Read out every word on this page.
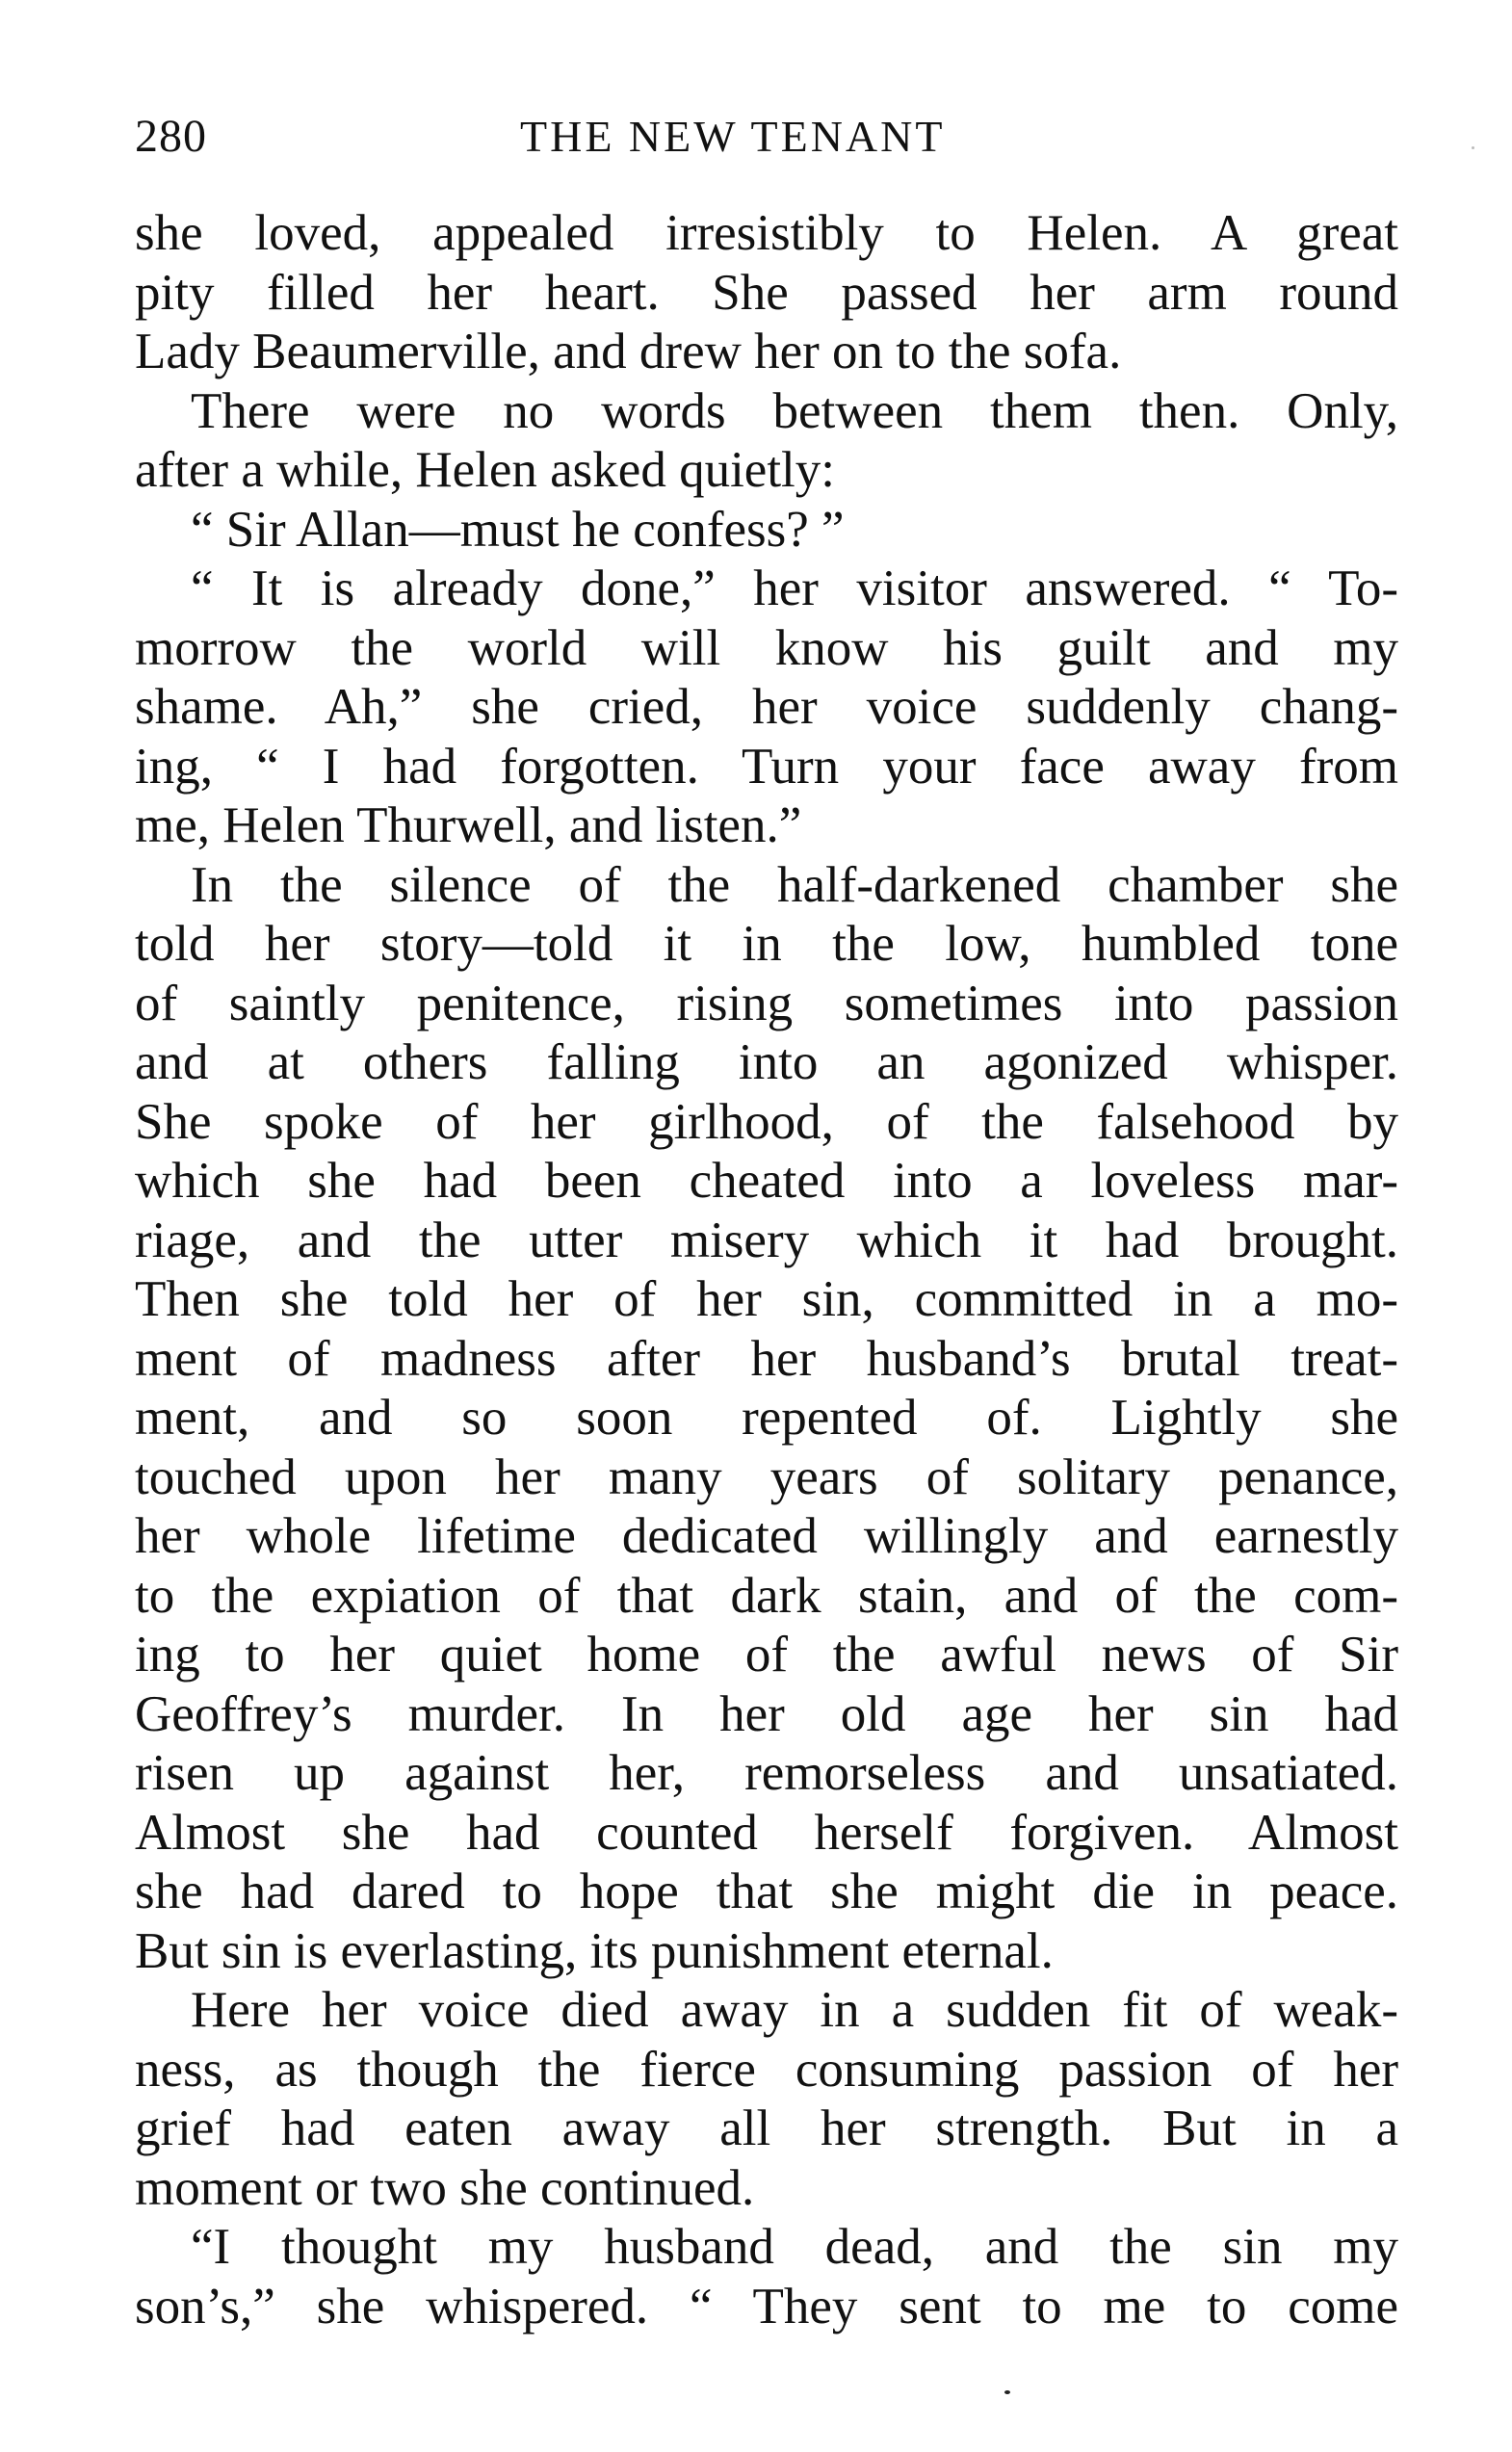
280	THE NEW TENANT
she loved, appealed irresistibly to Helen. A great
pity filled her heart. She passed her arm round
Lady Beaumerville, and drew her on to the sofa.
There were no words between them then. Only,
after a while, Helen asked quietly:
“ Sir Allan—must he confess? ”
“ It is already done,” her visitor answered. “ To-
morrow the world will know his guilt and my
shame. Ah,” she cried, her voice suddenly chang-
ing, “ I had forgotten. Turn your face away from
me, Helen Thurwell, and listen.”
In the silence of the half-darkened chamber she
told her story—told it in the low, humbled tone
of saintly penitence, rising sometimes into passion
and at others falling into an agonized whisper.
She spoke of her girlhood, of the falsehood by
which she had been cheated into a loveless mar-
riage, and the utter misery which it had brought.
Then she told her of her sin, committed in a mo-
ment of madness after her husband’s brutal treat-
ment, and so soon repented of. Lightly she
touched upon her many years of solitary penance,
her whole lifetime dedicated willingly and earnestly
to the expiation of that dark stain, and of the com-
ing to her quiet home of the awful news of Sir
Geoffrey’s murder. In her old age her sin had
risen up against her, remorseless and unsatiated.
Almost she had counted herself forgiven. Almost
she had dared to hope that she might die in peace.
But sin is everlasting, its punishment eternal.
Here her voice died away in a sudden fit of weak-
ness, as though the fierce consuming passion of her
grief had eaten away all her strength. But in a
moment or two she continued.
“I thought my husband dead, and the sin my
son’s,” she whispered. “ They sent to me to come
